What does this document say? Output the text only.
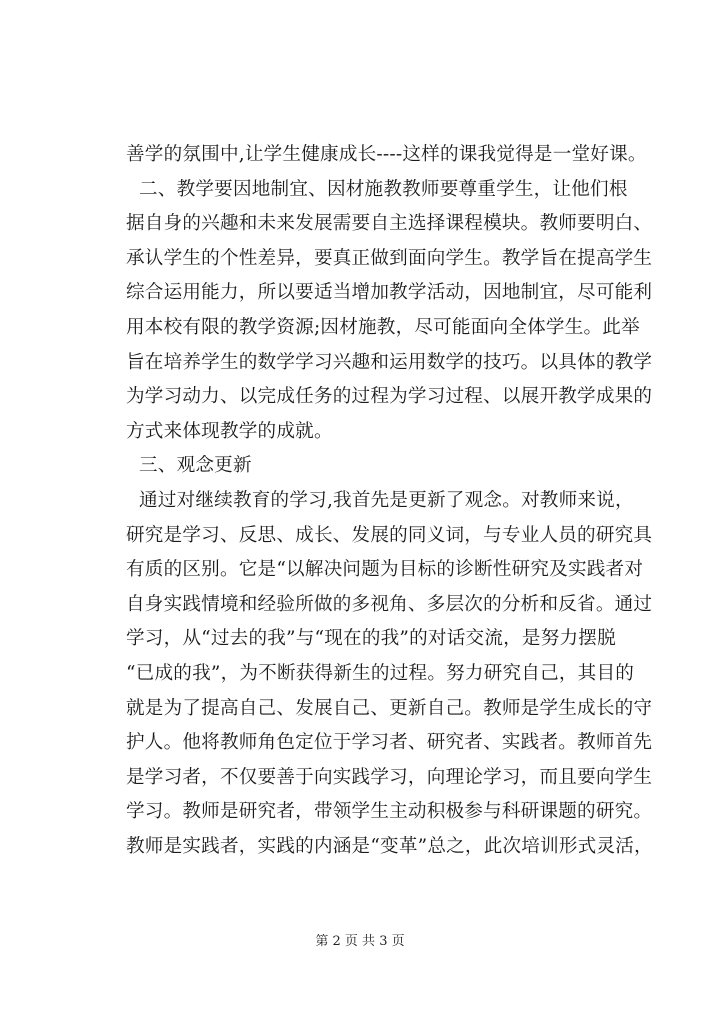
善学的氛围中,让学生健康成长----这样的课我觉得是一堂好课。
二、教学要因地制宜、因材施教教师要尊重学生，让他们根
据自身的兴趣和未来发展需要自主选择课程模块。教师要明白、
承认学生的个性差异，要真正做到面向学生。教学旨在提高学生
综合运用能力，所以要适当增加教学活动，因地制宜，尽可能利
用本校有限的教学资源;因材施教，尽可能面向全体学生。此举
旨在培养学生的数学学习兴趣和运用数学的技巧。以具体的教学
为学习动力、以完成任务的过程为学习过程、以展开教学成果的
方式来体现教学的成就。
三、观念更新
通过对继续教育的学习,我首先是更新了观念。对教师来说，
研究是学习、反思、成长、发展的同义词，与专业人员的研究具
有质的区别。它是“以解决问题为目标的诊断性研究及实践者对
自身实践情境和经验所做的多视角、多层次的分析和反省。通过
学习，从“过去的我”与“现在的我”的对话交流，是努力摆脱
“已成的我”，为不断获得新生的过程。努力研究自己，其目的
就是为了提高自己、发展自己、更新自己。教师是学生成长的守
护人。他将教师角色定位于学习者、研究者、实践者。教师首先
是学习者，不仅要善于向实践学习，向理论学习，而且要向学生
学习。教师是研究者，带领学生主动积极参与科研课题的研究。
教师是实践者，实践的内涵是“变革”总之，此次培训形式灵活，
第 2 页 共 3 页
